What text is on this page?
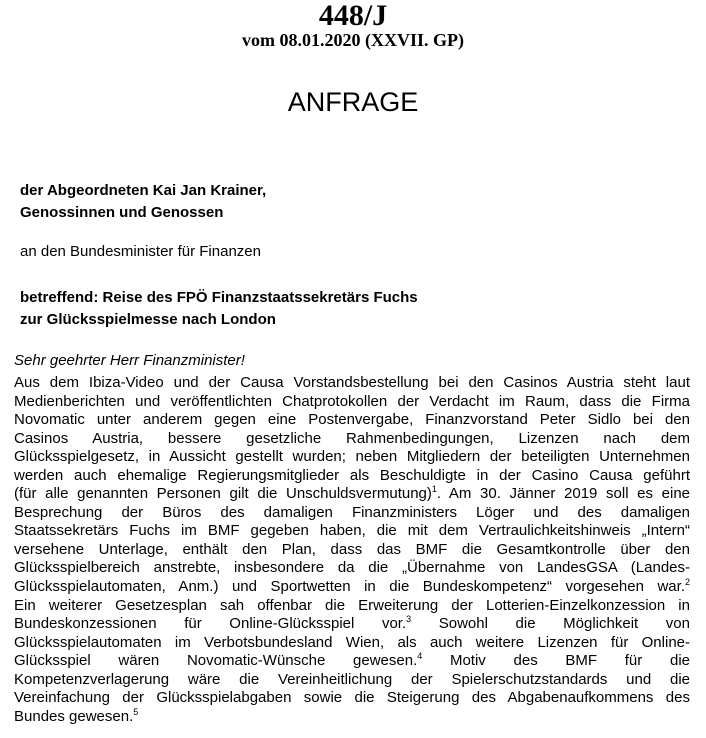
448/J
vom 08.01.2020 (XXVII. GP)
ANFRAGE
der Abgeordneten Kai Jan Krainer,
Genossinnen und Genossen
an den Bundesminister für Finanzen
betreffend: Reise des FPÖ Finanzstaatssekretärs Fuchs
zur Glücksspielmesse nach London
Sehr geehrter Herr Finanzminister!
Aus dem Ibiza-Video und der Causa Vorstandsbestellung bei den Casinos Austria steht laut
Medienberichten und veröffentlichten Chatprotokollen der Verdacht im Raum, dass die Firma
Novomatic unter anderem gegen eine Postenvergabe, Finanzvorstand Peter Sidlo bei den
Casinos Austria, bessere gesetzliche Rahmenbedingungen, Lizenzen nach dem
Glücksspielgesetz, in Aussicht gestellt wurden; neben Mitgliedern der beteiligten Unternehmen
werden auch ehemalige Regierungsmitglieder als Beschuldigte in der Casino Causa geführt
(für alle genannten Personen gilt die Unschuldsvermutung)$^1$. Am 30. Jänner 2019 soll es eine
Besprechung der Büros des damaligen Finanzministers Löger und des damaligen
Staatssekretärs Fuchs im BMF gegeben haben, die mit dem Vertraulichkeitshinweis „Intern“
versehene Unterlage, enthält den Plan, dass das BMF die Gesamtkontrolle über den
Glücksspielbereich anstrebte, insbesondere da die „Übernahme von LandesGSA (Landes-
Glücksspielautomaten, Anm.) und Sportwetten in die Bundeskompetenz“ vorgesehen war.$^2$
Ein weiterer Gesetzesplan sah offenbar die Erweiterung der Lotterien-Einzelkonzession in
Bundeskonzessionen für Online-Glücksspiel vor.$^3$ Sowohl die Möglichkeit von
Glücksspielautomaten im Verbotsbundesland Wien, als auch weitere Lizenzen für Online-
Glücksspiel wären Novomatic-Wünsche gewesen.$^4$ Motiv des BMF für die
Kompetenzverlagerung wäre die Vereinheitlichung der Spielerschutzstandards und die
Vereinfachung der Glücksspielabgaben sowie die Steigerung des Abgabenaufkommens des
Bundes gewesen.$^5$
